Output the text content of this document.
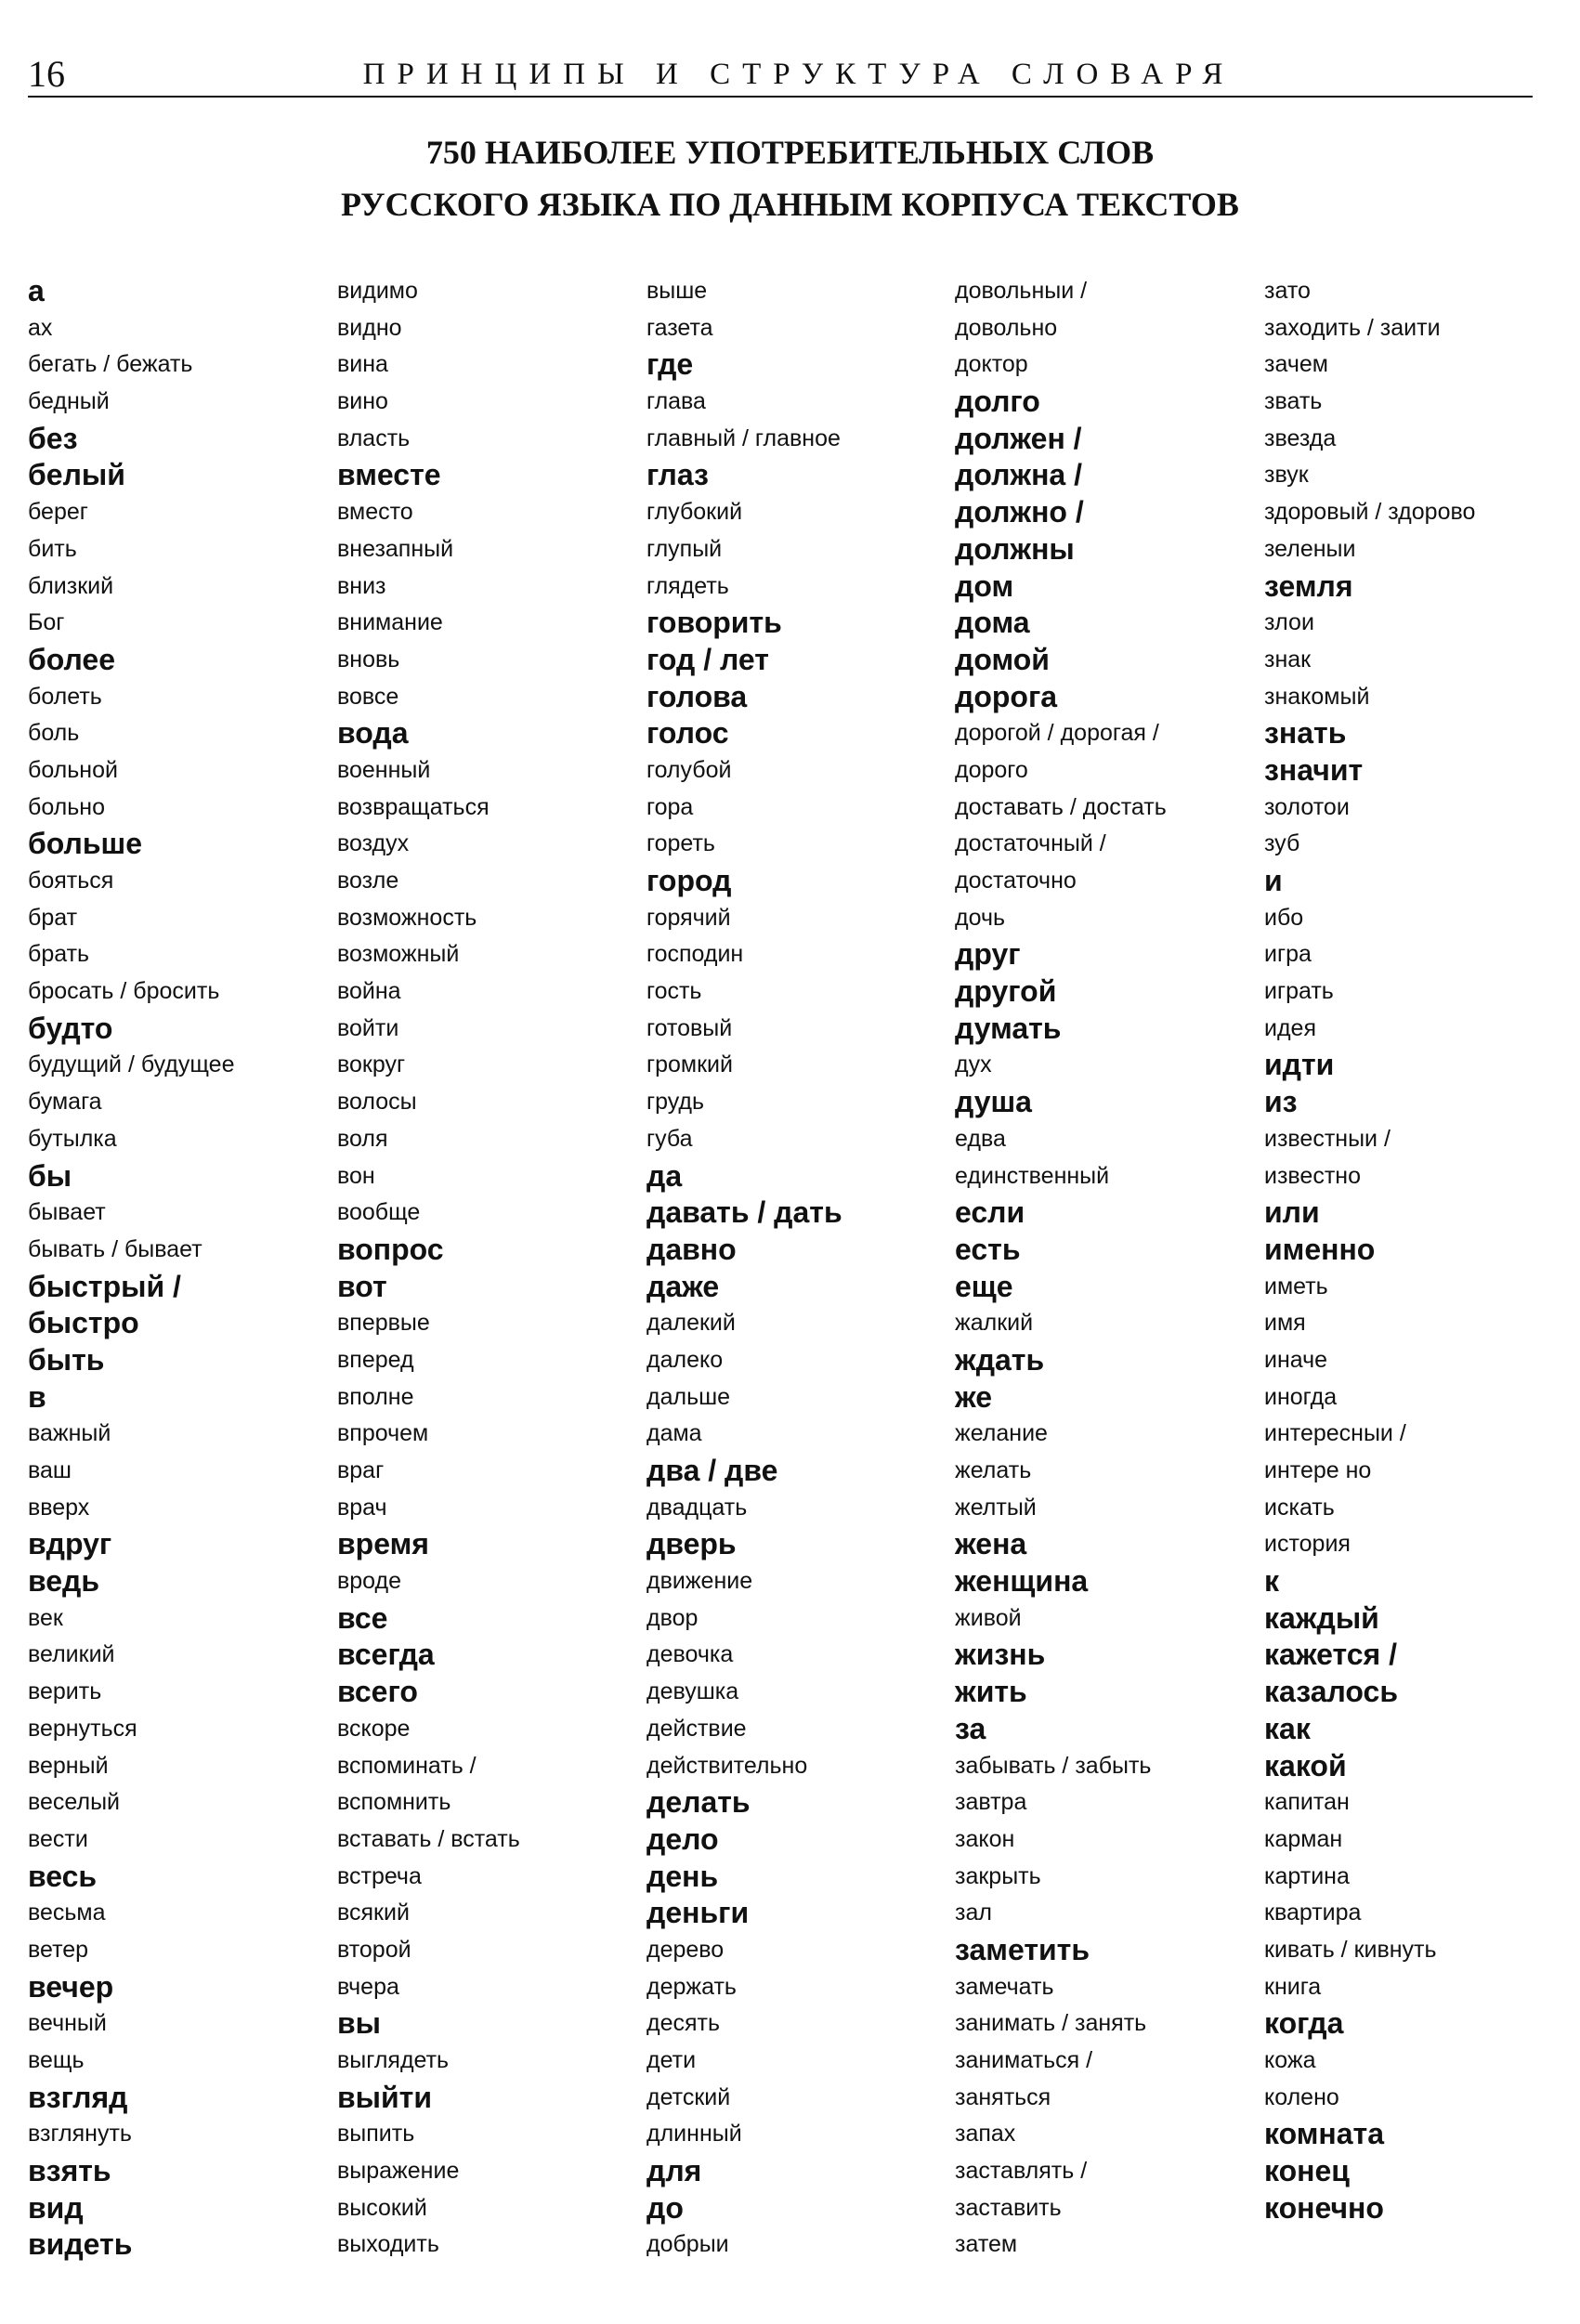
16	ПРИНЦИПЫ И СТРУКТУРА СЛОВАРЯ
750 НАИБОЛЕЕ УПОТРЕБИТЕЛЬНЫХ СЛОВ
РУССКОГО ЯЗЫКА ПО ДАННЫМ КОРПУСА ТЕКСТОВ
а
ах
бегать / бежать
бедный
без
белый
берег
бить
близкий
Бог
более
болеть
боль
больной
больно
больше
бояться
брат
брать
бросать / бросить
будто
будущий / будущее
бумага
бутылка
бы
бывает
бывать / бывает
быстрый /
быстро
быть
в
важный
ваш
вверх
вдруг
ведь
век
великий
верить
вернуться
верный
веселый
вести
весь
весьма
ветер
вечер
вечный
вещь
взгляд
взглянуть
взять
вид
видеть
видимо
видно
вина
вино
власть
вместе
вместо
внезапный
вниз
внимание
вновь
вовсе
вода
военный
возвращаться
воздух
возле
возможность
возможный
война
войти
вокруг
волосы
воля
вон
вообще
вопрос
вот
впервые
вперед
вполне
впрочем
враг
врач
время
вроде
все
всегда
всего
вскоре
вспоминать /
вспомнить
вставать / встать
встреча
всякий
второй
вчера
вы
выглядеть
выйти
выпить
выражение
высокий
выходить
выше
газета
где
глава
главный / главное
глаз
глубокий
глупый
глядеть
говорить
год / лет
голова
голос
голубой
гора
гореть
город
горячий
господин
гость
готовый
громкий
грудь
губа
да
давать / дать
давно
даже
далекий
далеко
дальше
дама
два / две
двадцать
дверь
движение
двор
девочка
девушка
действие
действительно
делать
дело
день
деньги
дерево
держать
десять
дети
детский
длинный
для
до
добрыи
довольныи /
довольно
доктор
долго
должен /
должна /
должно /
должны
дом
дома
домой
дорога
дорогой / дорогая /
дорого
доставать / достать
достаточный /
достаточно
дочь
друг
другой
думать
дух
душа
едва
единственный
если
есть
еще
жалкий
ждать
же
желание
желать
желтый
жена
женщина
живой
жизнь
жить
за
забывать / забыть
завтра
закон
закрыть
зал
заметить
замечать
занимать / занять
заниматься /
заняться
запах
заставлять /
заставить
затем
зато
заходить / заити
зачем
звать
звезда
звук
здоровый / здорово
зеленыи
земля
злои
знак
знакомый
знать
значит
золотои
зуб
и
ибо
игра
играть
идея
идти
из
известныи /
известно
или
именно
иметь
имя
иначе
иногда
интересныи /
интере но
искать
история
к
каждый
кажется /
казалось
как
какой
капитан
карман
картина
квартира
кивать / кивнуть
книга
когда
кожа
колено
комната
конец
конечно
